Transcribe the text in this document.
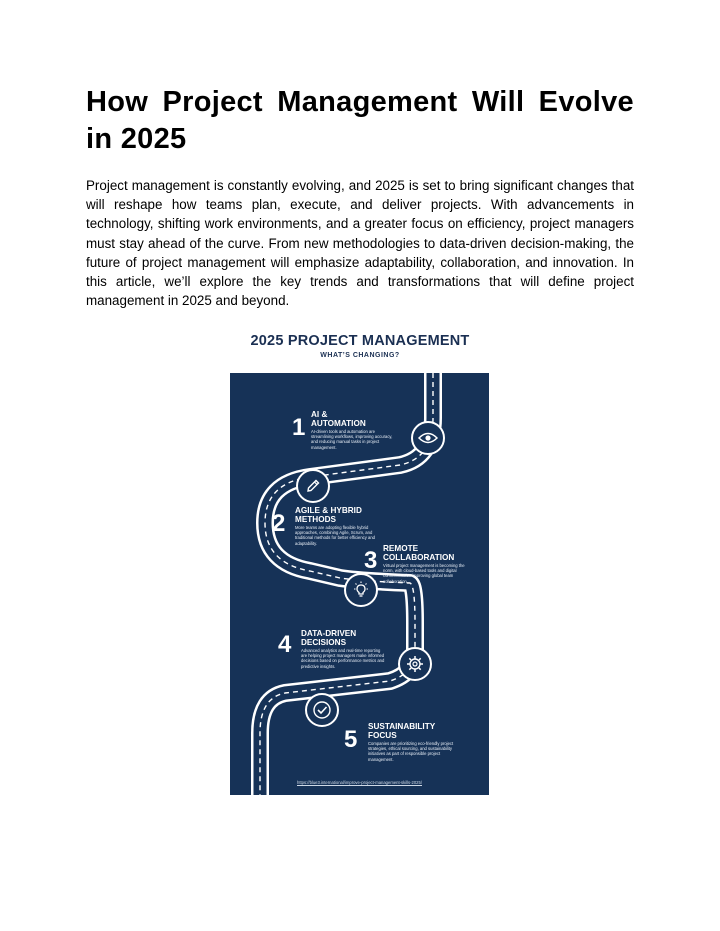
How Project Management Will Evolve in 2025

Project management is constantly evolving, and 2025 is set to bring significant changes that will reshape how teams plan, execute, and deliver projects. With advancements in technology, shifting work environments, and a greater focus on efficiency, project managers must stay ahead of the curve. From new methodologies to data-driven decision-making, the future of project management will emphasize adaptability, collaboration, and innovation. In this article, we’ll explore the key trends and transformations that will define project management in 2025 and beyond.

2025 PROJECT MANAGEMENT
WHAT’S CHANGING?
1 AI &
AUTOMATION
AI-driven tools and automation are streamlining workflows, improving accuracy, and reducing manual tasks in project management.
2 AGILE & HYBRID
METHODS
More teams are adopting flexible hybrid approaches, combining Agile, Scrum, and traditional methods for better efficiency and adaptability.
3 REMOTE
COLLABORATION
Virtual project management is becoming the norm, with cloud-based tools and digital communication improving global team collaboration.
4 DATA-DRIVEN
DECISIONS
Advanced analytics and real-time reporting are helping project managers make informed decisions based on performance metrics and predictive insights.
5 SUSTAINABILITY
FOCUS
Companies are prioritizing eco-friendly project strategies, ethical sourcing, and sustainability initiatives as part of responsible project management.
https://blue3.international/improve-project-management-skills-2025/
